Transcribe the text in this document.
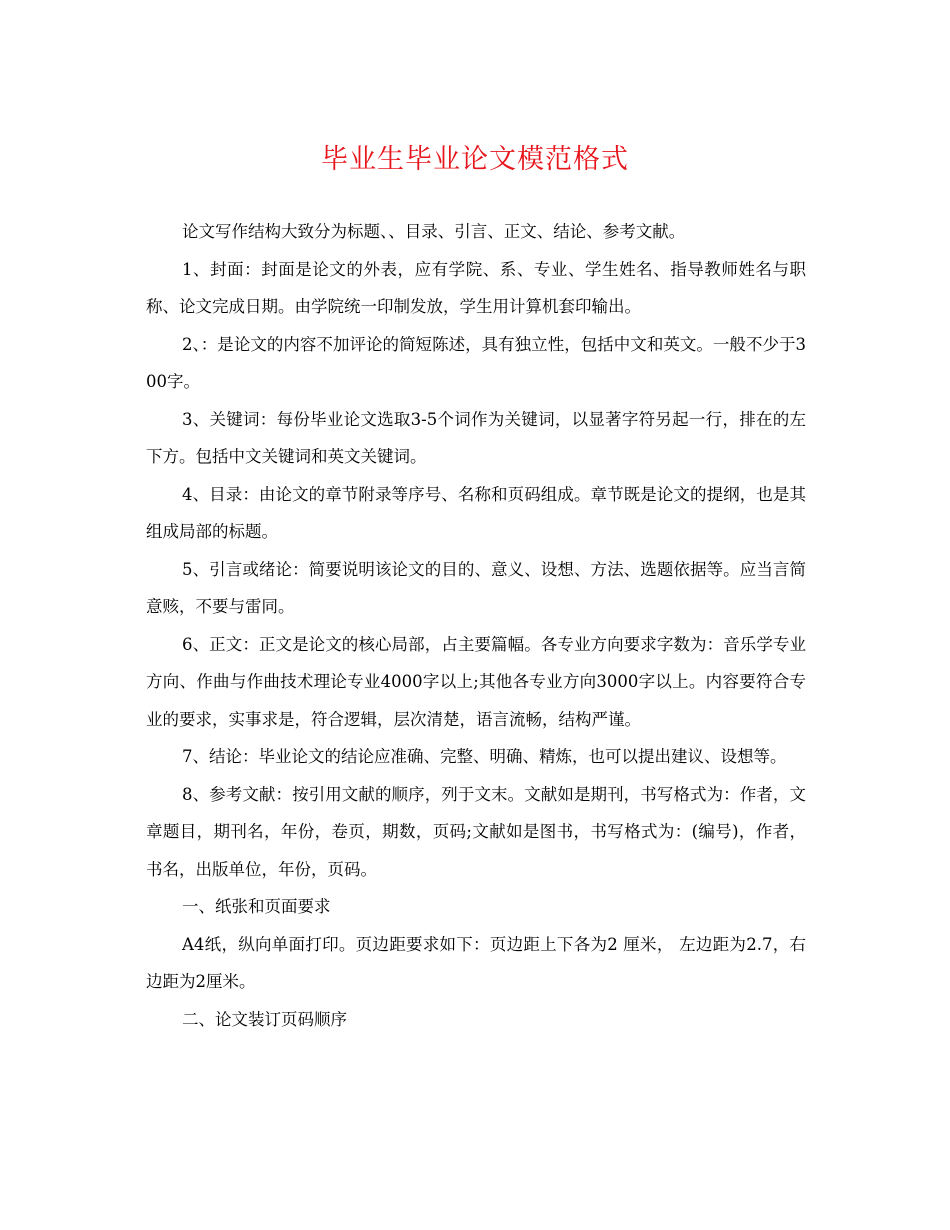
毕业生毕业论文模范格式

论文写作结构大致分为标题、、目录、引言、正文、结论、参考文献。

1、封面：封面是论文的外表，应有学院、系、专业、学生姓名、指导教师姓名与职称、论文完成日期。由学院统一印制发放，学生用计算机套印输出。

2、：是论文的内容不加评论的简短陈述，具有独立性，包括中文和英文。一般不少于300字。

3、关键词：每份毕业论文选取3-5个词作为关键词，以显著字符另起一行，排在的左下方。包括中文关键词和英文关键词。

4、目录：由论文的章节附录等序号、名称和页码组成。章节既是论文的提纲，也是其组成局部的标题。

5、引言或绪论：简要说明该论文的目的、意义、设想、方法、选题依据等。应当言简意赅，不要与雷同。

6、正文：正文是论文的核心局部，占主要篇幅。各专业方向要求字数为：音乐学专业方向、作曲与作曲技术理论专业4000字以上;其他各专业方向3000字以上。内容要符合专业的要求，实事求是，符合逻辑，层次清楚，语言流畅，结构严谨。

7、结论：毕业论文的结论应准确、完整、明确、精炼，也可以提出建议、设想等。

8、参考文献：按引用文献的顺序，列于文末。文献如是期刊，书写格式为：作者，文章题目，期刊名，年份，卷页，期数，页码;文献如是图书，书写格式为：(编号)，作者，书名，出版单位，年份，页码。

一、纸张和页面要求

A4纸，纵向单面打印。页边距要求如下：页边距上下各为2 厘米， 左边距为2.7，右边距为2厘米。

二、论文装订页码顺序
